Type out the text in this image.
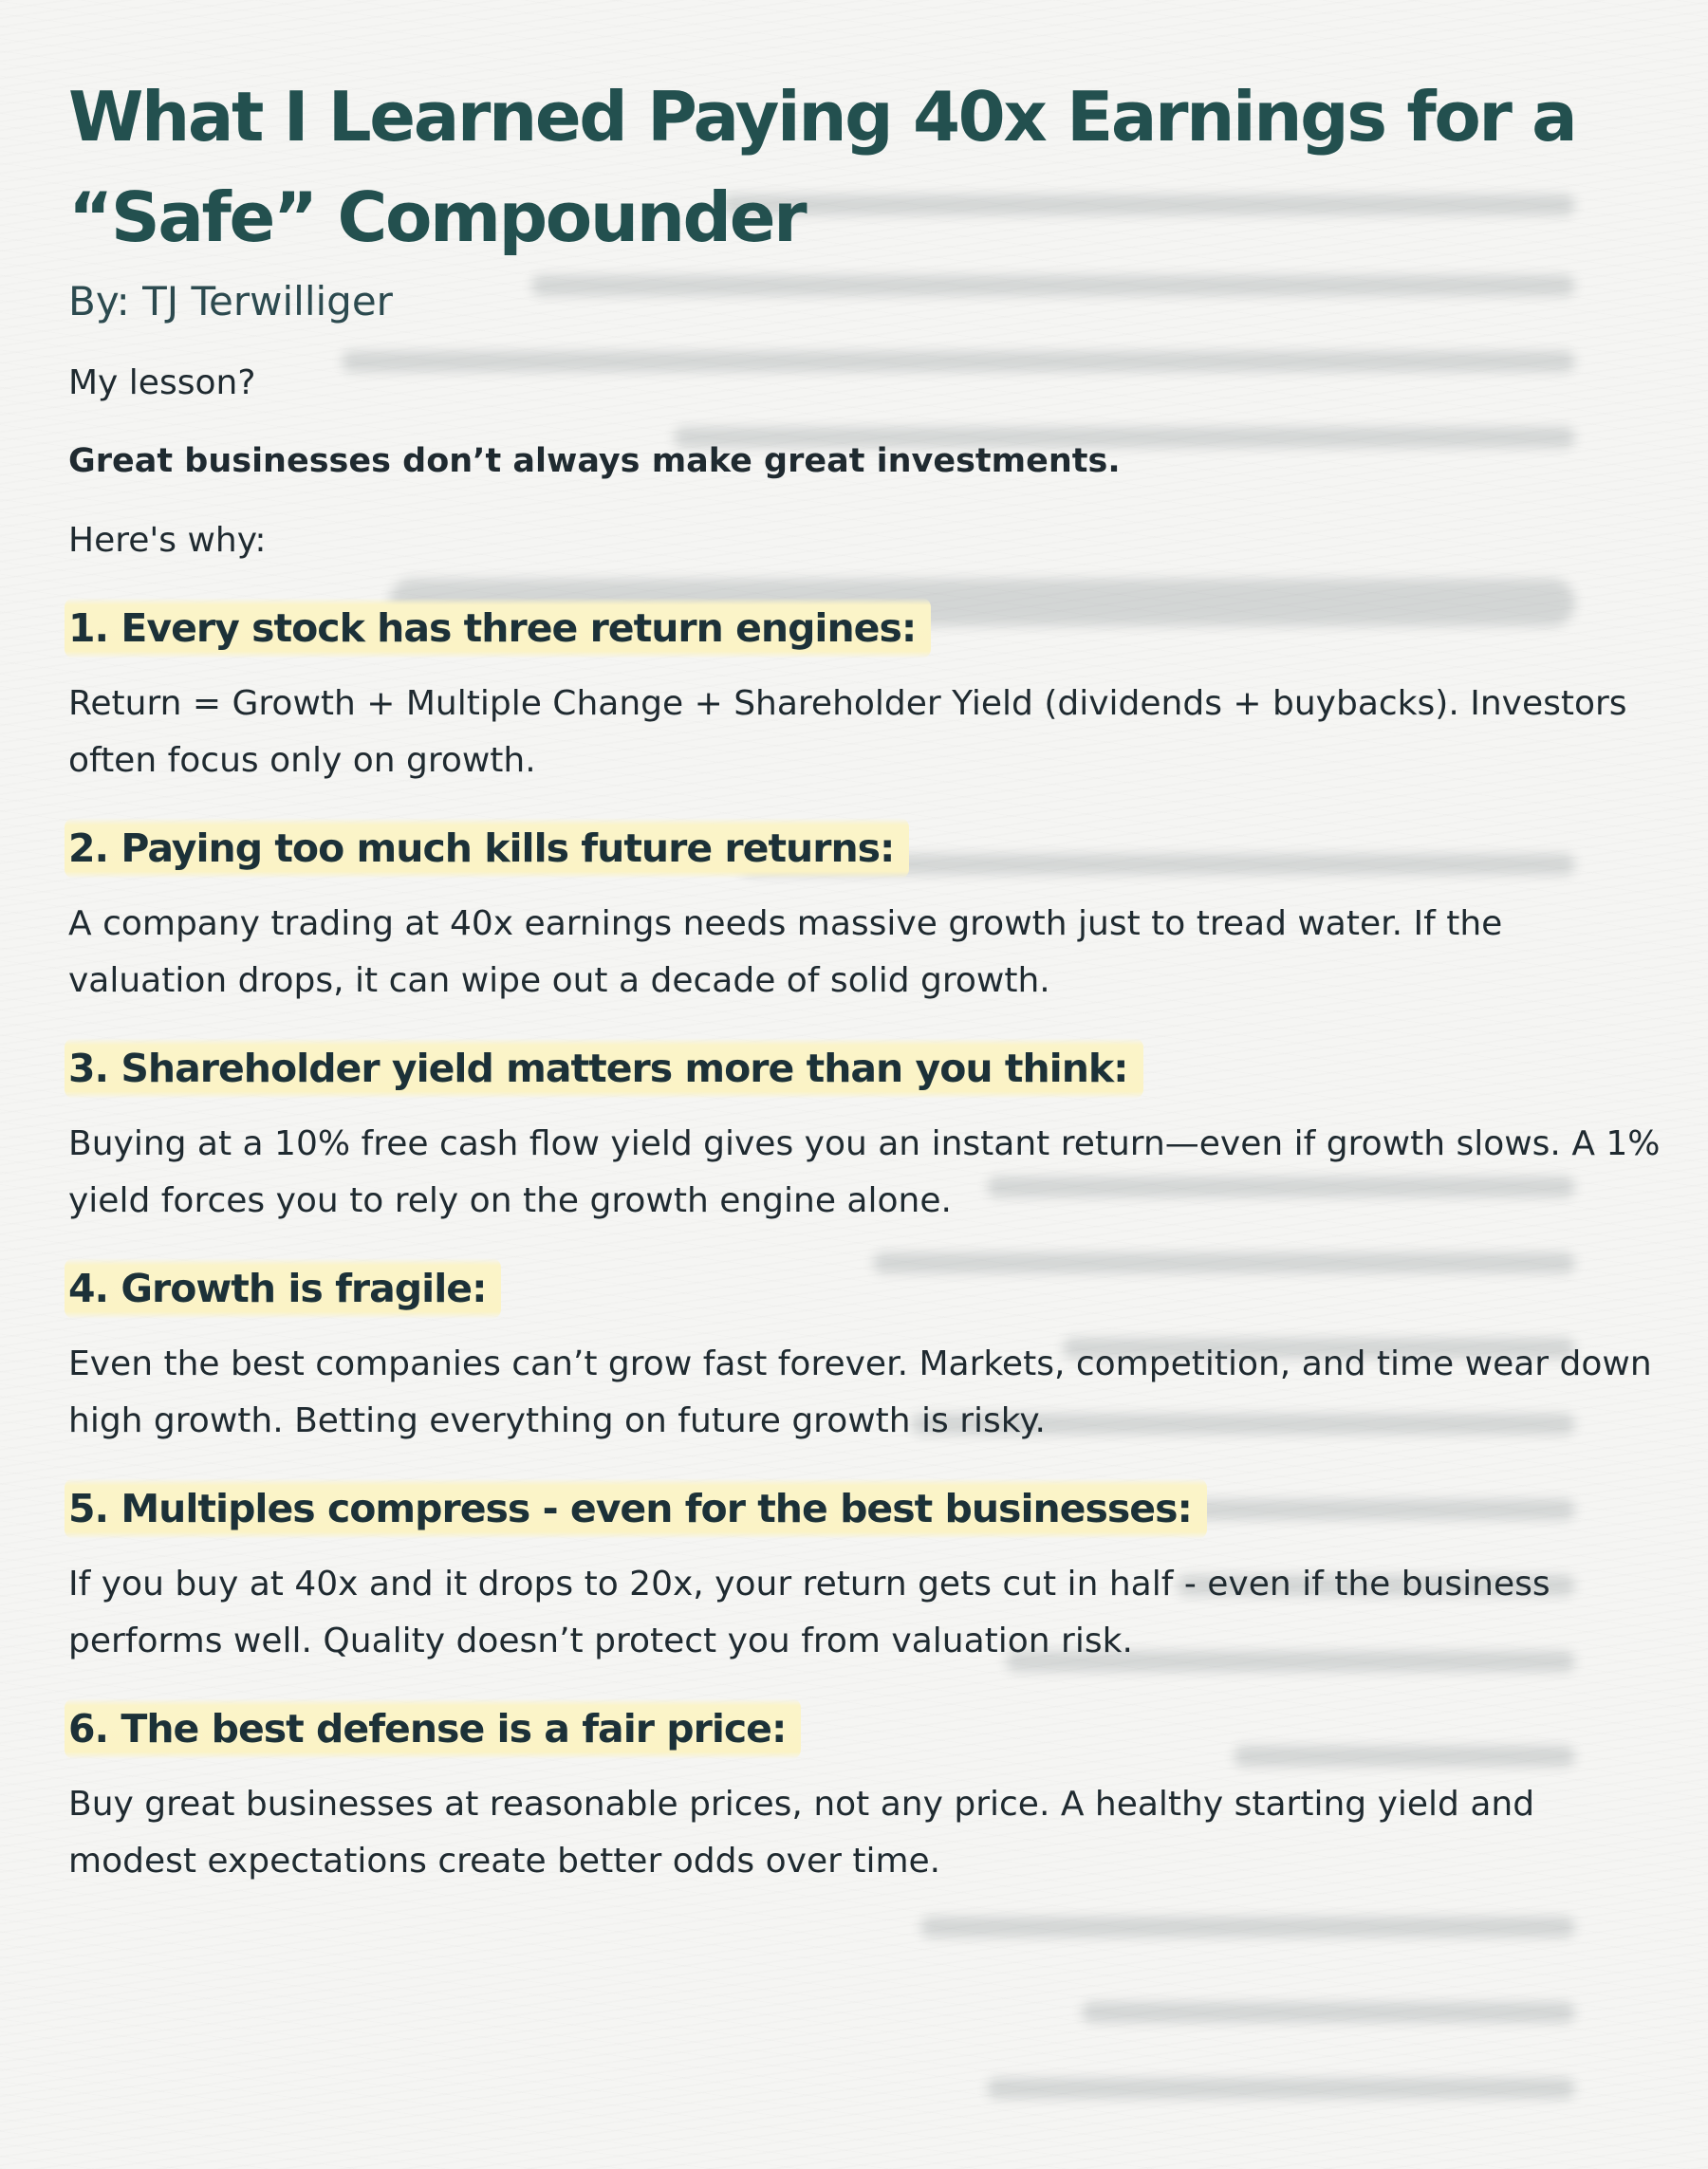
What I Learned Paying 40x Earnings for a “Safe” Compounder
By: TJ Terwilliger
My lesson?
Great businesses don’t always make great investments.
Here's why:
1. Every stock has three return engines:
Return = Growth + Multiple Change + Shareholder Yield (dividends + buybacks). Investors often focus only on growth.
2. Paying too much kills future returns:
A company trading at 40x earnings needs massive growth just to tread water. If the valuation drops, it can wipe out a decade of solid growth.
3. Shareholder yield matters more than you think:
Buying at a 10% free cash flow yield gives you an instant return—even if growth slows. A 1% yield forces you to rely on the growth engine alone.
4. Growth is fragile:
Even the best companies can’t grow fast forever. Markets, competition, and time wear down high growth. Betting everything on future growth is risky.
5. Multiples compress - even for the best businesses:
If you buy at 40x and it drops to 20x, your return gets cut in half - even if the business performs well. Quality doesn’t protect you from valuation risk.
6. The best defense is a fair price:
Buy great businesses at reasonable prices, not any price. A healthy starting yield and modest expectations create better odds over time.
